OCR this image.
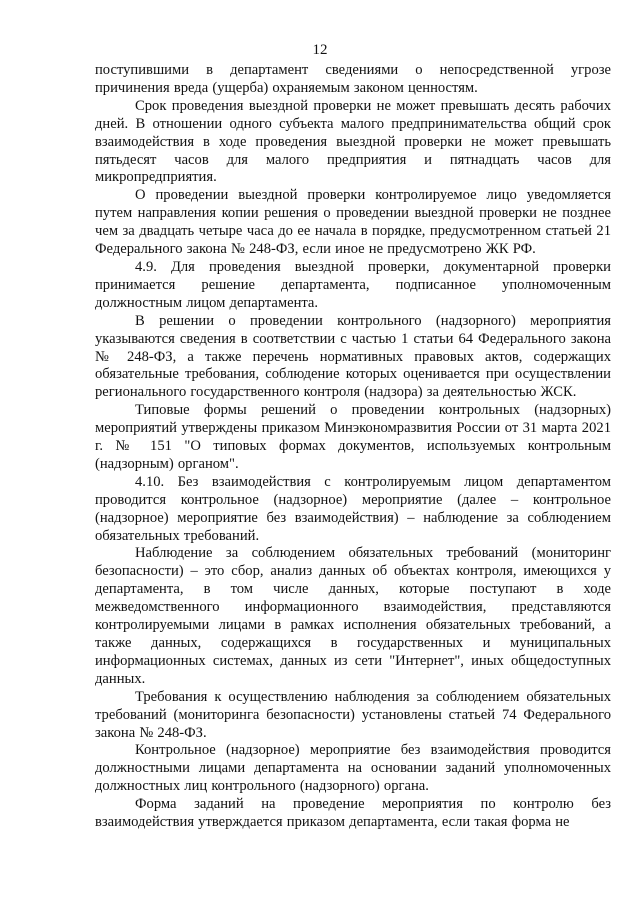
12

поступившими в департамент сведениями о непосредственной угрозе причинения вреда (ущерба) охраняемым законом ценностям.

Срок проведения выездной проверки не может превышать десять рабочих дней. В отношении одного субъекта малого предпринимательства общий срок взаимодействия в ходе проведения выездной проверки не может превышать пятьдесят часов для малого предприятия и пятнадцать часов для микропредприятия.

О проведении выездной проверки контролируемое лицо уведомляется путем направления копии решения о проведении выездной проверки не позднее чем за двадцать четыре часа до ее начала в порядке, предусмотренном статьей 21 Федерального закона № 248-ФЗ, если иное не предусмотрено ЖК РФ.

4.9. Для проведения выездной проверки, документарной проверки принимается решение департамента, подписанное уполномоченным должностным лицом департамента.

В решении о проведении контрольного (надзорного) мероприятия указываются сведения в соответствии с частью 1 статьи 64 Федерального закона № 248-ФЗ, а также перечень нормативных правовых актов, содержащих обязательные требования, соблюдение которых оценивается при осуществлении регионального государственного контроля (надзора) за деятельностью ЖСК.

Типовые формы решений о проведении контрольных (надзорных) мероприятий утверждены приказом Минэкономразвития России от 31 марта 2021 г. № 151 "О типовых формах документов, используемых контрольным (надзорным) органом".

4.10. Без взаимодействия с контролируемым лицом департаментом проводится контрольное (надзорное) мероприятие (далее – контрольное (надзорное) мероприятие без взаимодействия) – наблюдение за соблюдением обязательных требований.

Наблюдение за соблюдением обязательных требований (мониторинг безопасности) – это сбор, анализ данных об объектах контроля, имеющихся у департамента, в том числе данных, которые поступают в ходе межведомственного информационного взаимодействия, представляются контролируемыми лицами в рамках исполнения обязательных требований, а также данных, содержащихся в государственных и муниципальных информационных системах, данных из сети "Интернет", иных общедоступных данных.

Требования к осуществлению наблюдения за соблюдением обязательных требований (мониторинга безопасности) установлены статьей 74 Федерального закона № 248-ФЗ.

Контрольное (надзорное) мероприятие без взаимодействия проводится должностными лицами департамента на основании заданий уполномоченных должностных лиц контрольного (надзорного) органа.

Форма заданий на проведение мероприятия по контролю без взаимодействия утверждается приказом департамента, если такая форма не
